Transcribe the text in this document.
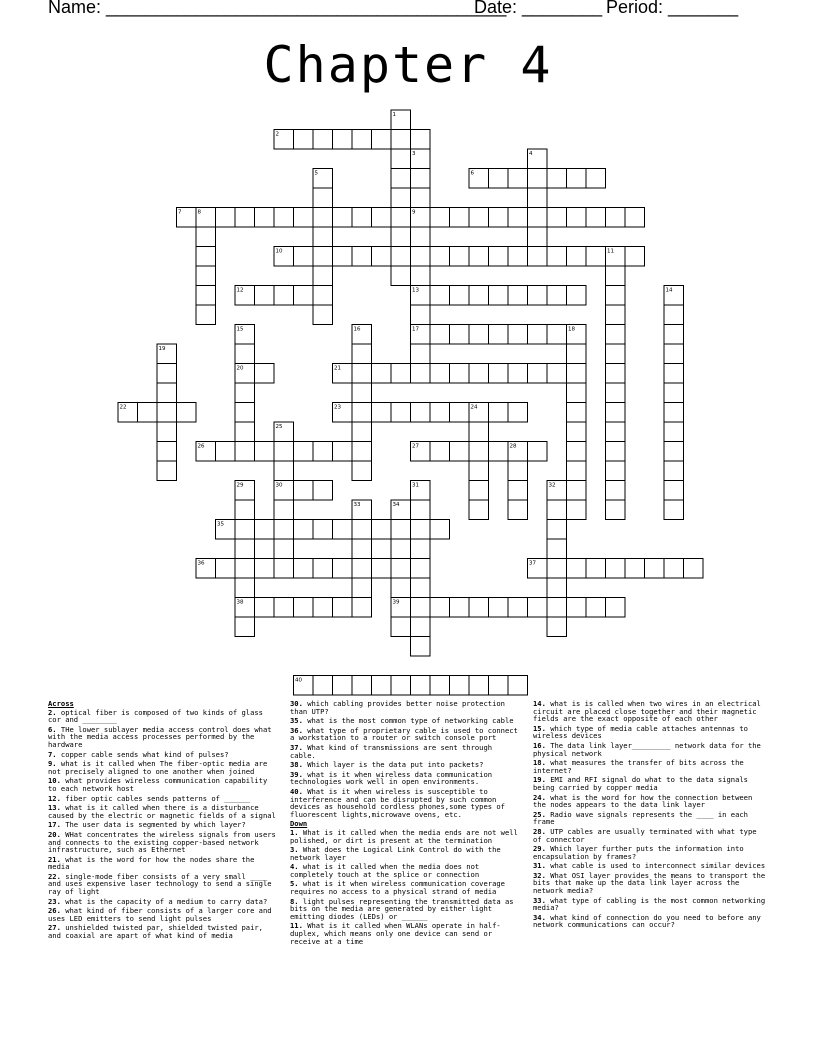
Name: ________________________________________
Date: ________ Period: _______
Chapter 4
1
2
3	4
5	6
7	8	9
10	11
12	13	14
15	16	17	18
19
20	21
22	23	24
25
26	27	28
29	30	31	32
33	34
35
36	37
38	39
40
Across
2. optical fiber is composed of two kinds of glass cor and ________
6. THe lower sublayer media access control does what with the media access processes performed by the hardware
7. copper cable sends what kind of pulses?
9. what is it called when The fiber-optic media are not precisely aligned to one another when joined
10. what provides wireless communication capability to each network host
12. fiber optic cables sends patterns of ______
13. what is it called when there is a disturbance caused by the electric or magnetic fields of a signal
17. The user data is segmented by which layer?
20. WHat concentrates the wireless signals from users and connects to the existing copper-based network infrastructure, such as Ethernet
21. what is the word for how the nodes share the media
22. single-mode fiber consists of a very small ____ and uses expensive laser technology to send a single ray of light
23. what is the capacity of a medium to carry data?
26. what kind of fiber consists of a larger core and uses LED emitters to send light pulses
27. unshielded twisted par, shielded twisted pair, and coaxial are apart of what kind of media
30. which cabling provides better noise protection than UTP?
35. what is the most common type of networking cable
36. what type of proprietary cable is used to connect a workstation to a router or switch console port
37. What kind of transmissions are sent through cable.
38. Which layer is the data put into packets?
39. what is it when wireless data communication technologies work well in open environments.
40. What is it when wireless is susceptible to interference and can be disrupted by such common devices as household cordless phones,some types of fluorescent lights,microwave ovens, etc.
Down
1. What is it called when the media ends are not well polished, or dirt is present at the termination
3. What does the Logical Link Control do with the network layer
4. what is it called when the media does not completely touch at the splice or connection
5. what is it when wireless communication coverage requires no access to a physical strand of media
8. light pulses representing the transmitted data as bits on the media are generated by either light emitting diodes (LEDs) or ______
11. What is it called when WLANs operate in half-duplex, which means only one device can send or receive at a time
14. what is is called when two wires in an electrical circuit are placed close together and their magnetic fields are the exact opposite of each other
15. which type of media cable attaches antennas to wireless devices
16. The data link layer_________ network data for the physical network
18. what measures the transfer of bits across the internet?
19. EMI and RFI signal do what to the data signals being carried by copper media
24. what is the word for how the connection between the nodes appears to the data link layer
25. Radio wave signals represents the ____ in each frame
28. UTP cables are usually terminated with what type of connector
29. Which layer further puts the information into encapsulation by frames?
31. what cable is used to interconnect similar devices
32. What OSI layer provides the means to transport the bits that make up the data link layer across the network media?
33. what type of cabling is the most common networking media?
34. what kind of connection do you need to before any network communications can occur?
